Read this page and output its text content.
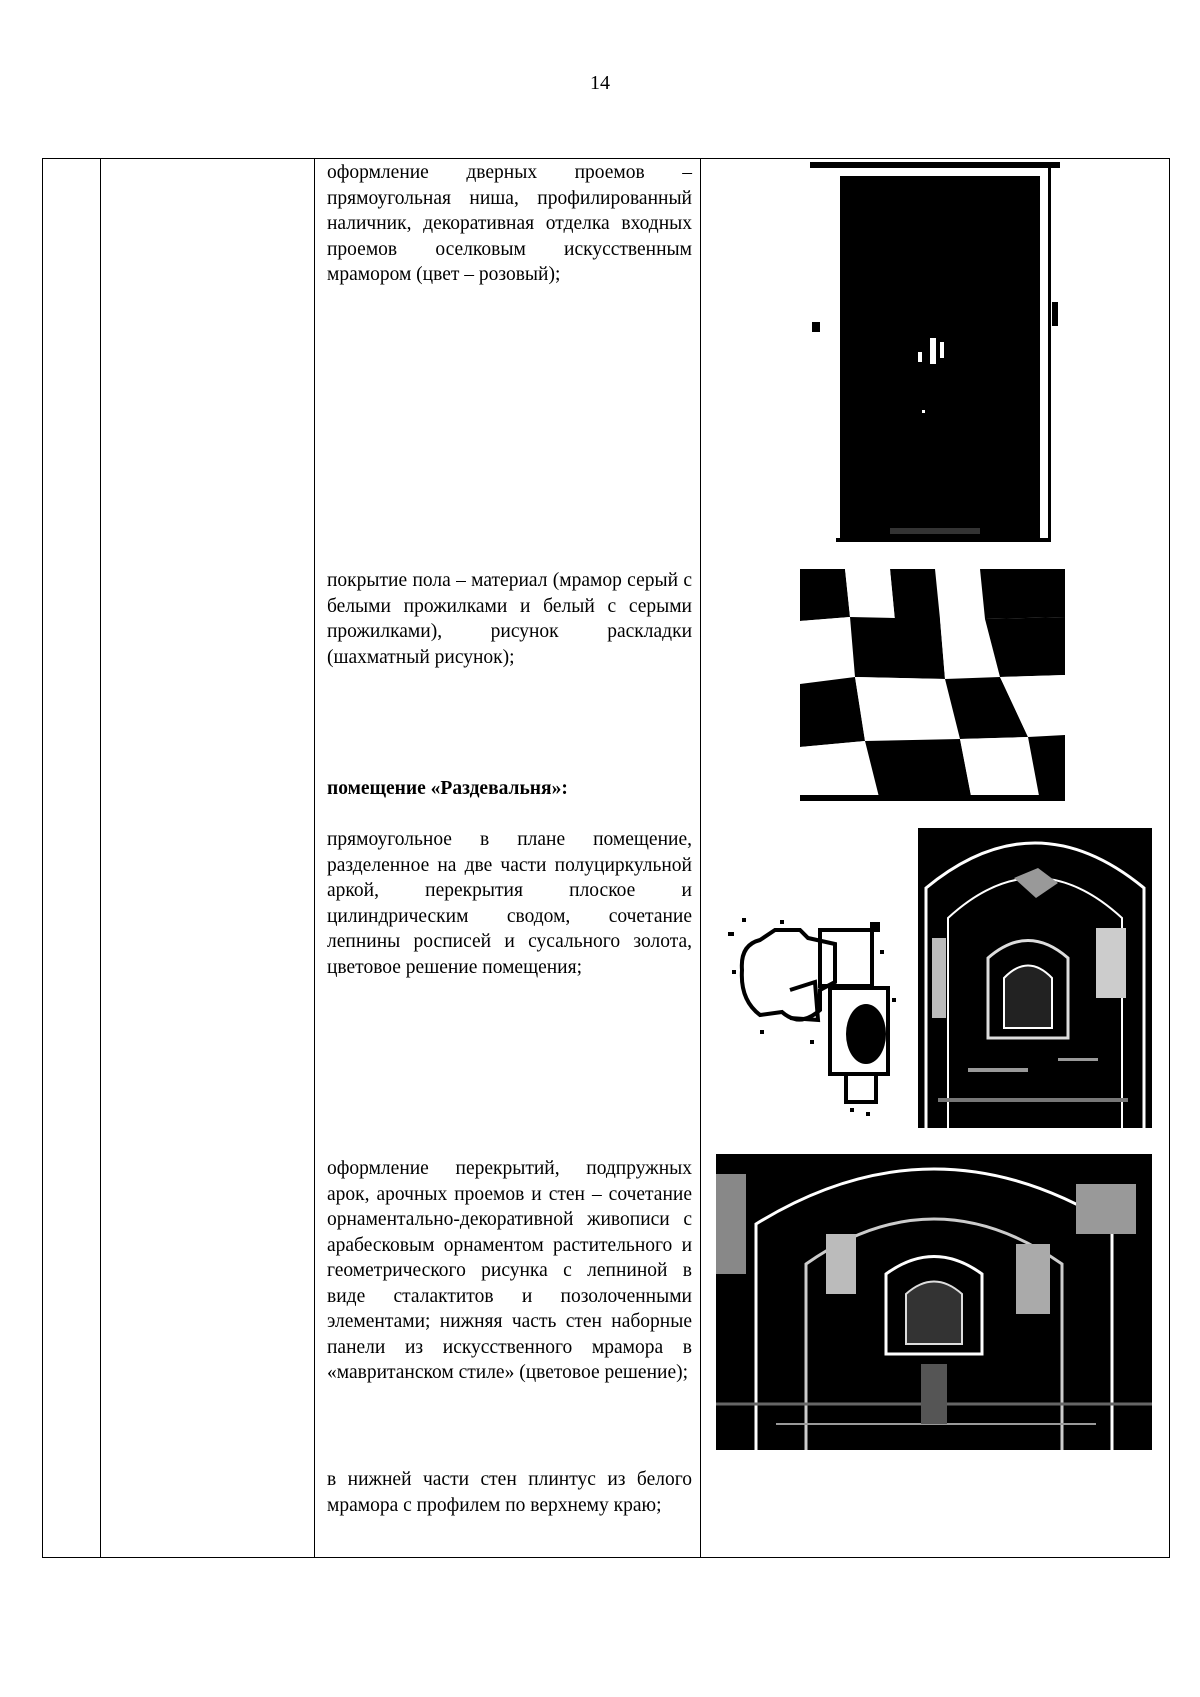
14
оформление дверных проемов – прямоугольная ниша, профилированный наличник, декоративная отделка входных проемов оселковым искусственным мрамором (цвет – розовый);
покрытие пола – материал (мрамор серый с белыми прожилками и белый с серыми прожилками), рисунок раскладки (шахматный рисунок);
помещение «Раздевальня»:
прямоугольное в плане помещение, разделенное на две части полуциркульной аркой, перекрытия плоское и цилиндрическим сводом, сочетание лепнины росписей и сусального золота, цветовое решение помещения;
оформление перекрытий, подпружных арок, арочных проемов и стен – сочетание орнаментально-декоративной живописи с арабесковым орнаментом растительного и геометрического рисунка с лепниной в виде сталактитов и позолоченными элементами; нижняя часть стен наборные панели из искусственного мрамора в «мавританском стиле» (цветовое решение);
в нижней части стен плинтус из белого мрамора с профилем по верхнему краю;
